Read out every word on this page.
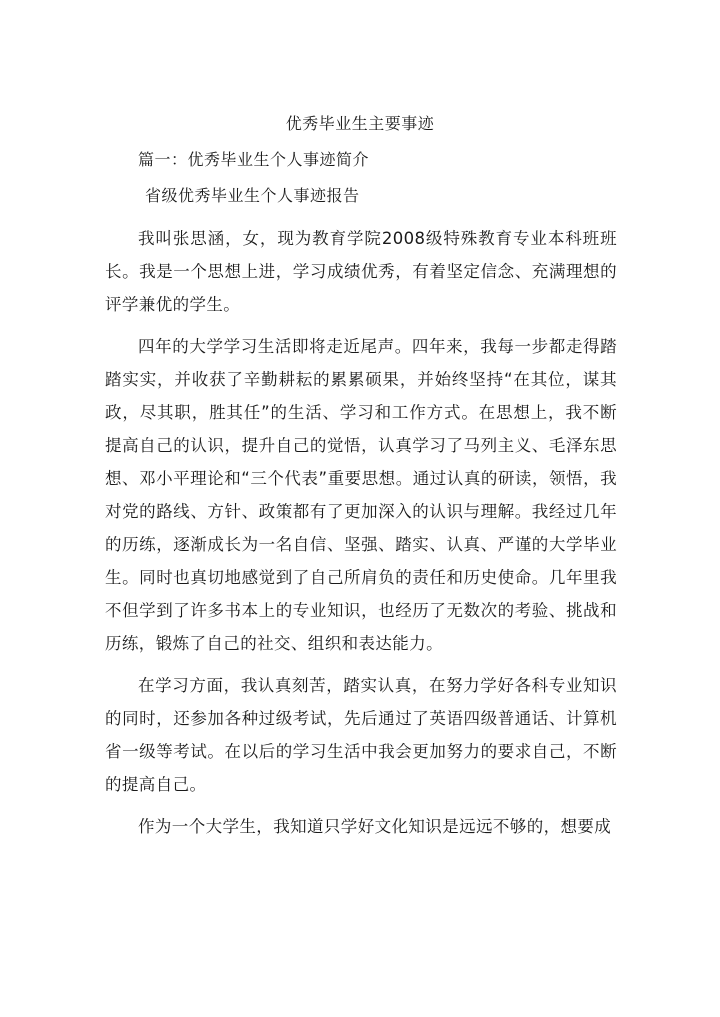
优秀毕业生主要事迹
篇一：优秀毕业生个人事迹简介
省级优秀毕业生个人事迹报告

我叫张思涵，女，现为教育学院2008级特殊教育专业本科班班长。我是一个思想上进，学习成绩优秀，有着坚定信念、充满理想的评学兼优的学生。

四年的大学学习生活即将走近尾声。四年来，我每一步都走得踏踏实实，并收获了辛勤耕耘的累累硕果，并始终坚持“在其位，谋其政，尽其职，胜其任”的生活、学习和工作方式。在思想上，我不断提高自己的认识，提升自己的觉悟，认真学习了马列主义、毛泽东思想、邓小平理论和“三个代表”重要思想。通过认真的研读，领悟，我对党的路线、方针、政策都有了更加深入的认识与理解。我经过几年的历练，逐渐成长为一名自信、坚强、踏实、认真、严谨的大学毕业生。同时也真切地感觉到了自己所肩负的责任和历史使命。几年里我不但学到了许多书本上的专业知识，也经历了无数次的考验、挑战和历练，锻炼了自己的社交、组织和表达能力。

在学习方面，我认真刻苦，踏实认真，在努力学好各科专业知识的同时，还参加各种过级考试，先后通过了英语四级普通话、计算机省一级等考试。在以后的学习生活中我会更加努力的要求自己，不断的提高自己。

作为一个大学生，我知道只学好文化知识是远远不够的，想要成
